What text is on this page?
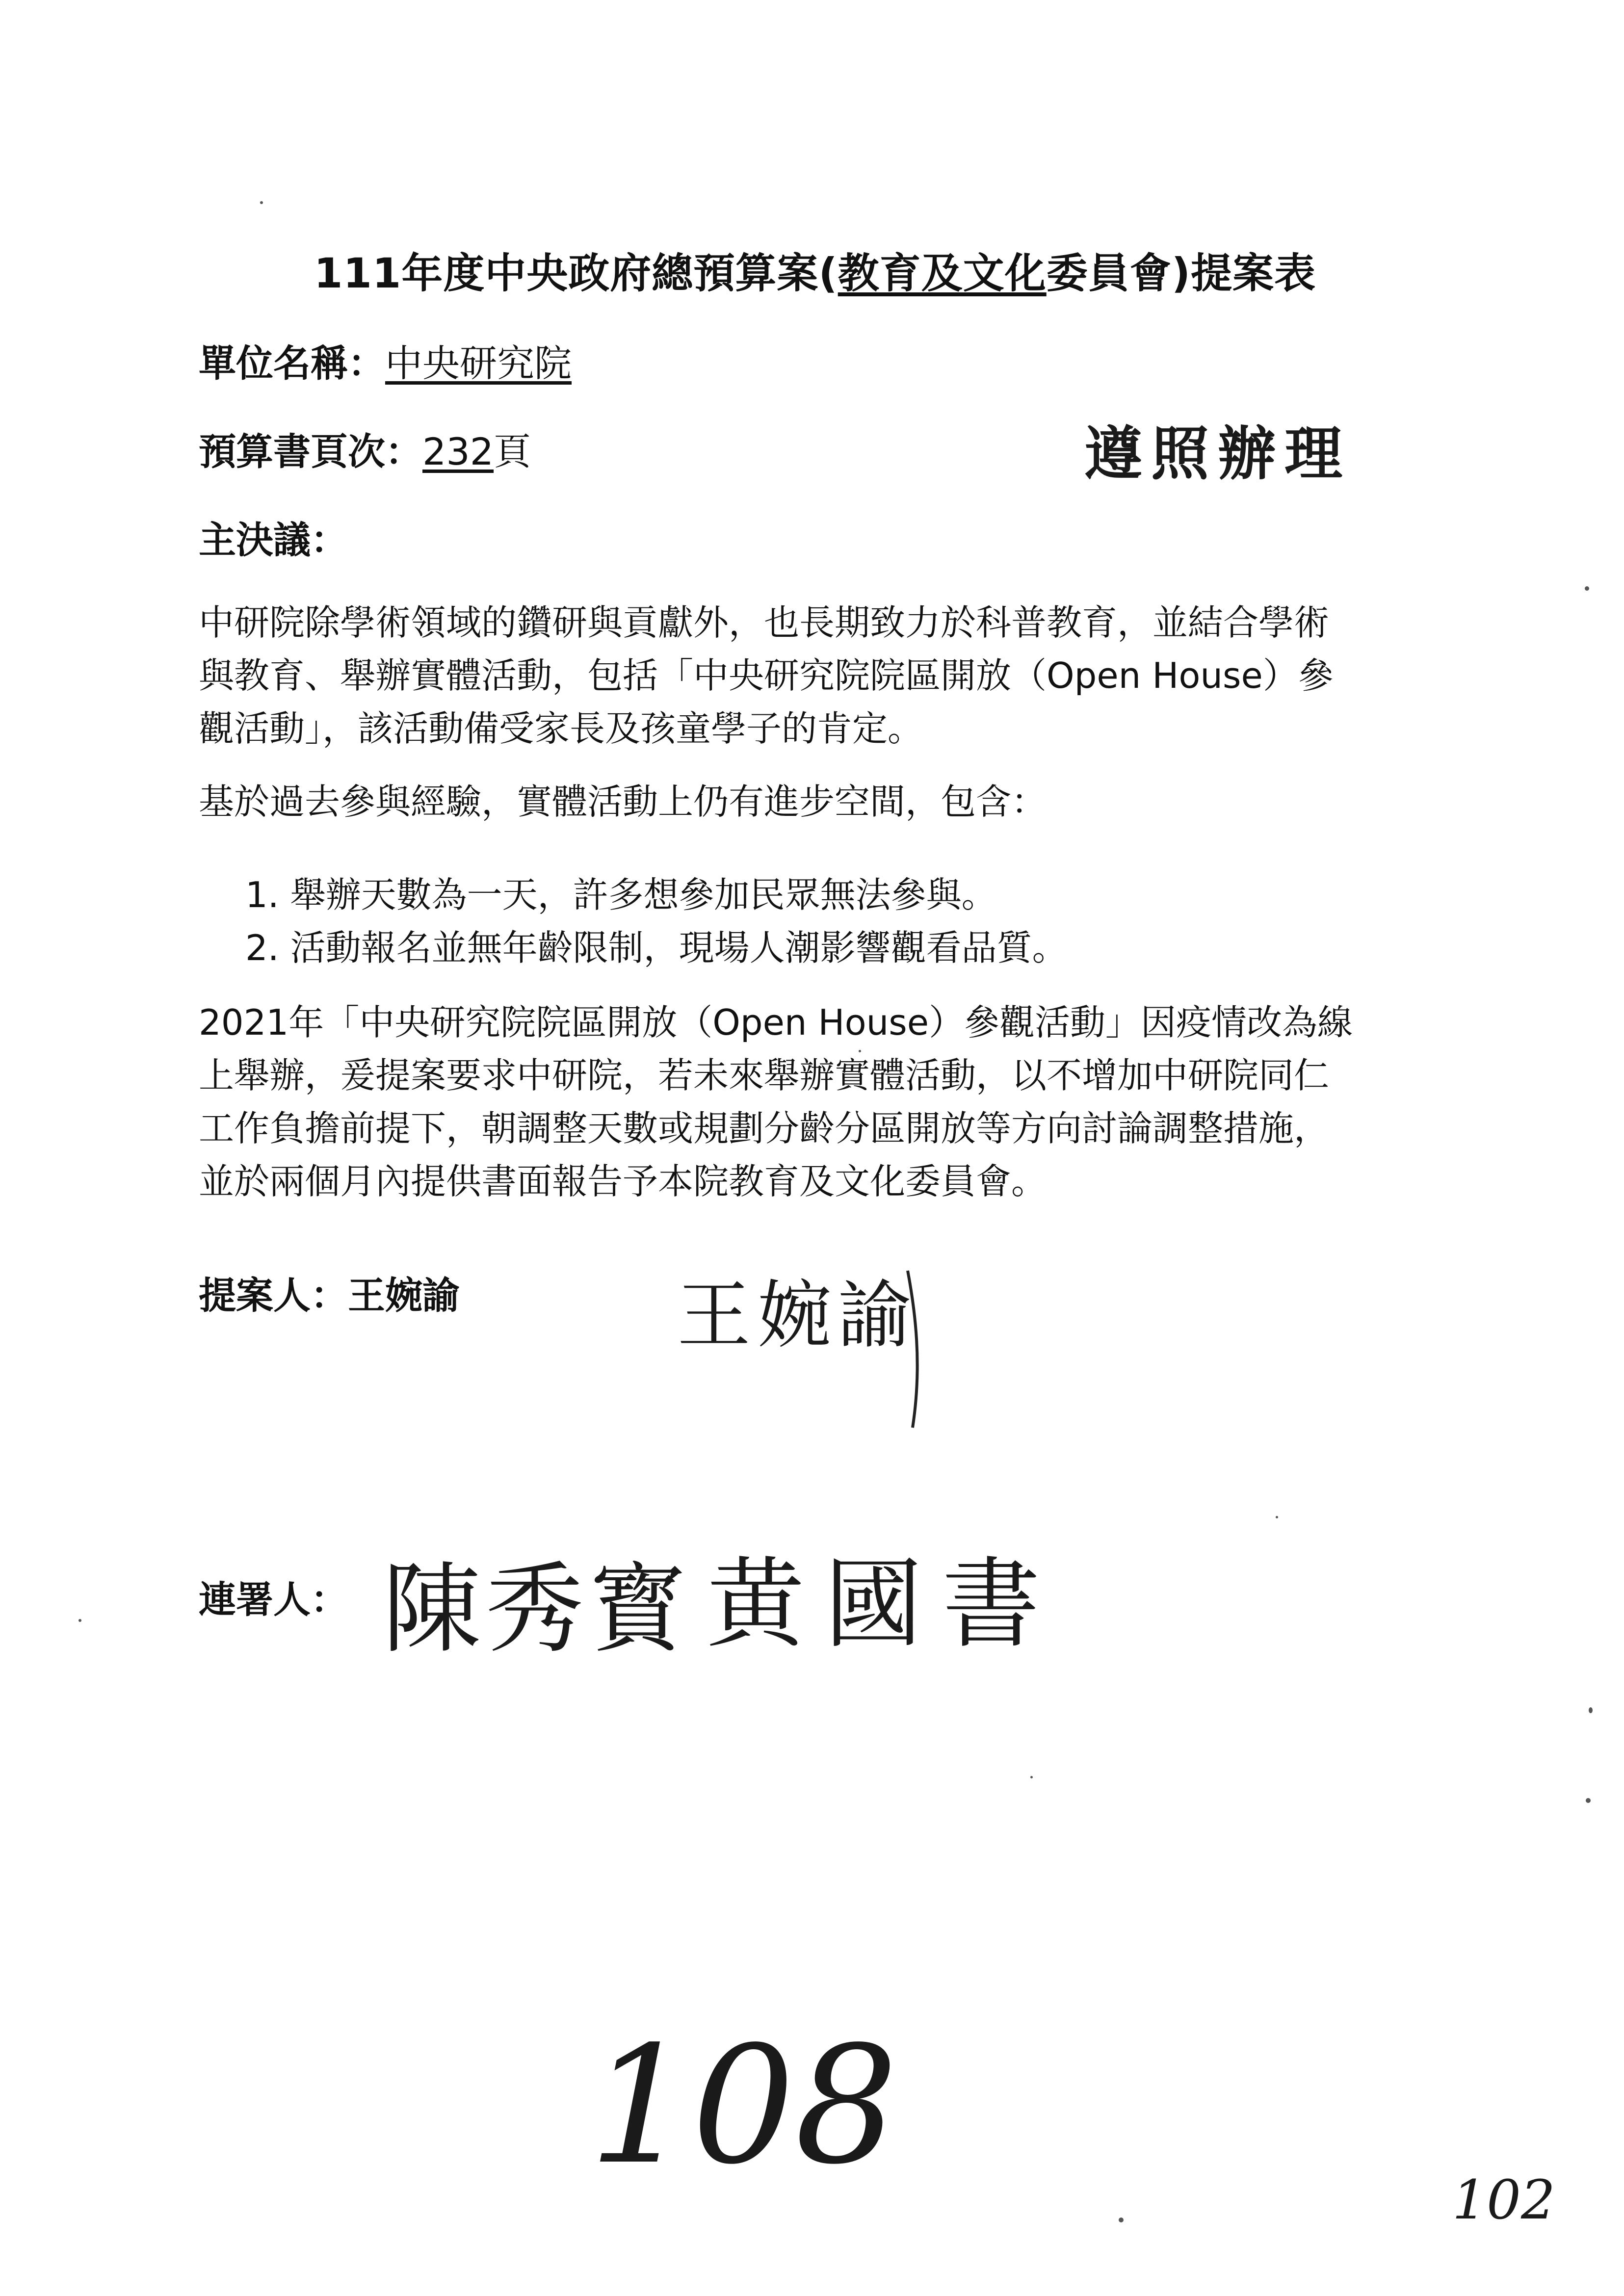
111年度中央政府總預算案(教育及文化委員會)提案表
單位名稱：中央研究院
預算書頁次：232頁	遵照辦理
主決議：
中研院除學術領域的鑽研與貢獻外，也長期致力於科普教育，並結合學術
與教育、舉辦實體活動，包括「中央研究院院區開放（Open House）參
觀活動」，該活動備受家長及孩童學子的肯定。
基於過去參與經驗，實體活動上仍有進步空間，包含：
1. 舉辦天數為一天，許多想參加民眾無法參與。
2. 活動報名並無年齡限制，現場人潮影響觀看品質。
2021年「中央研究院院區開放（Open House）參觀活動」因疫情改為線
上舉辦，爰提案要求中研院，若未來舉辦實體活動，以不增加中研院同仁
工作負擔前提下，朝調整天數或規劃分齡分區開放等方向討論調整措施，
並於兩個月內提供書面報告予本院教育及文化委員會。
提案人：王婉諭	王婉諭
連署人： 陳秀寳 黄國書
108	102
